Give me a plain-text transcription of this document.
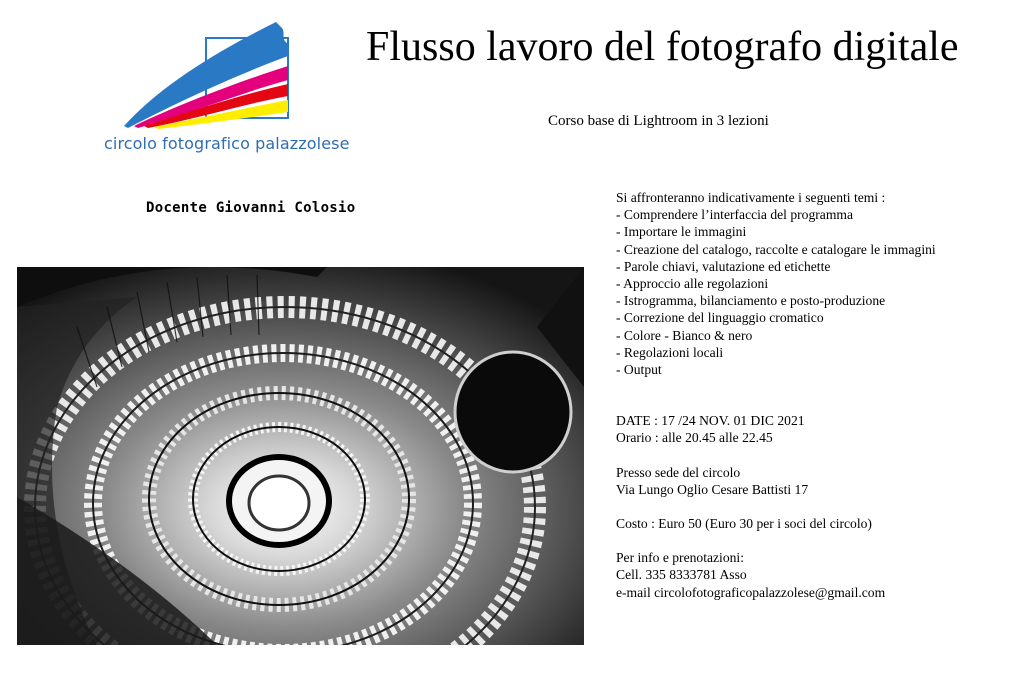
circolo fotografico palazzolese
Flusso lavoro del fotografo digitale
Corso base di Lightroom in 3 lezioni
Docente Giovanni Colosio

Si affronteranno indicativamente i seguenti temi :

- Comprendere l’interfaccia del programma

- Importare le immagini

- Creazione del catalogo, raccolte e catalogare le immagini

- Parole chiavi, valutazione ed etichette

- Approccio alle regolazioni

- Istrogramma, bilanciamento e posto-produzione

- Correzione del linguaggio cromatico

- Colore - Bianco & nero

- Regolazioni locali

- Output

DATE : 17 /24 NOV. 01 DIC 2021

Orario : alle 20.45 alle 22.45

Presso sede del circolo

Via Lungo Oglio Cesare Battisti 17

Costo : Euro 50 (Euro 30 per i soci del circolo)

Per info e prenotazioni:

Cell. 335 8333781 Asso

e-mail circolofotograficopalazzolese@gmail.com
